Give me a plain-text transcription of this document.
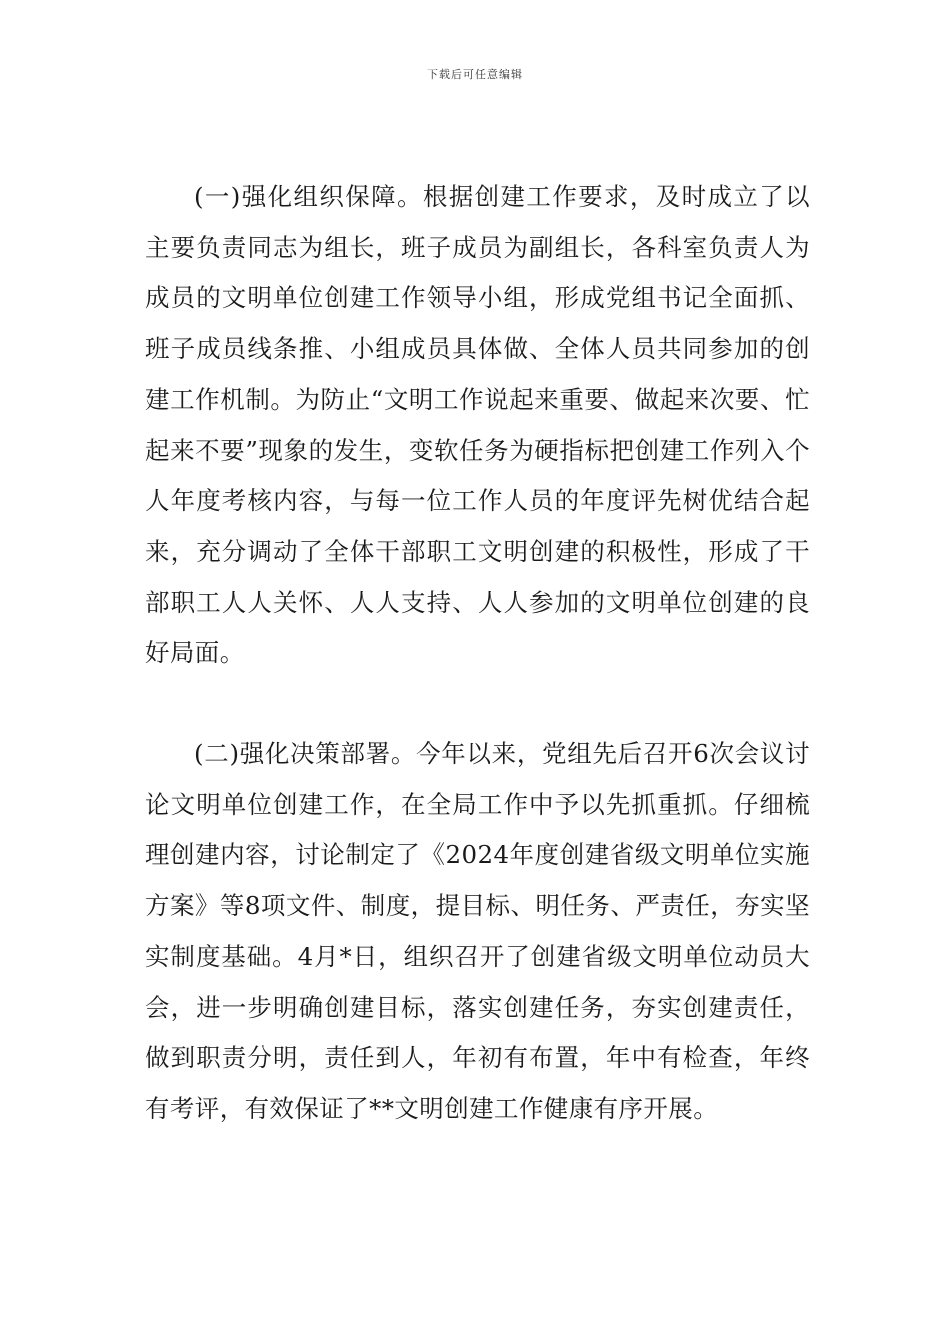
下载后可任意编辑

(一)强化组织保障。根据创建工作要求，及时成立了以主要负责同志为组长，班子成员为副组长，各科室负责人为成员的文明单位创建工作领导小组，形成党组书记全面抓、班子成员线条推、小组成员具体做、全体人员共同参加的创建工作机制。为防止“文明工作说起来重要、做起来次要、忙起来不要”现象的发生，变软任务为硬指标把创建工作列入个人年度考核内容，与每一位工作人员的年度评先树优结合起来，充分调动了全体干部职工文明创建的积极性，形成了干部职工人人关怀、人人支持、人人参加的文明单位创建的良好局面。

(二)强化决策部署。今年以来，党组先后召开6次会议讨论文明单位创建工作，在全局工作中予以先抓重抓。仔细梳理创建内容，讨论制定了《2024年度创建省级文明单位实施方案》等8项文件、制度，提目标、明任务、严责任，夯实坚实制度基础。4月*日，组织召开了创建省级文明单位动员大会，进一步明确创建目标，落实创建任务，夯实创建责任，做到职责分明，责任到人，年初有布置，年中有检查，年终有考评，有效保证了**文明创建工作健康有序开展。
